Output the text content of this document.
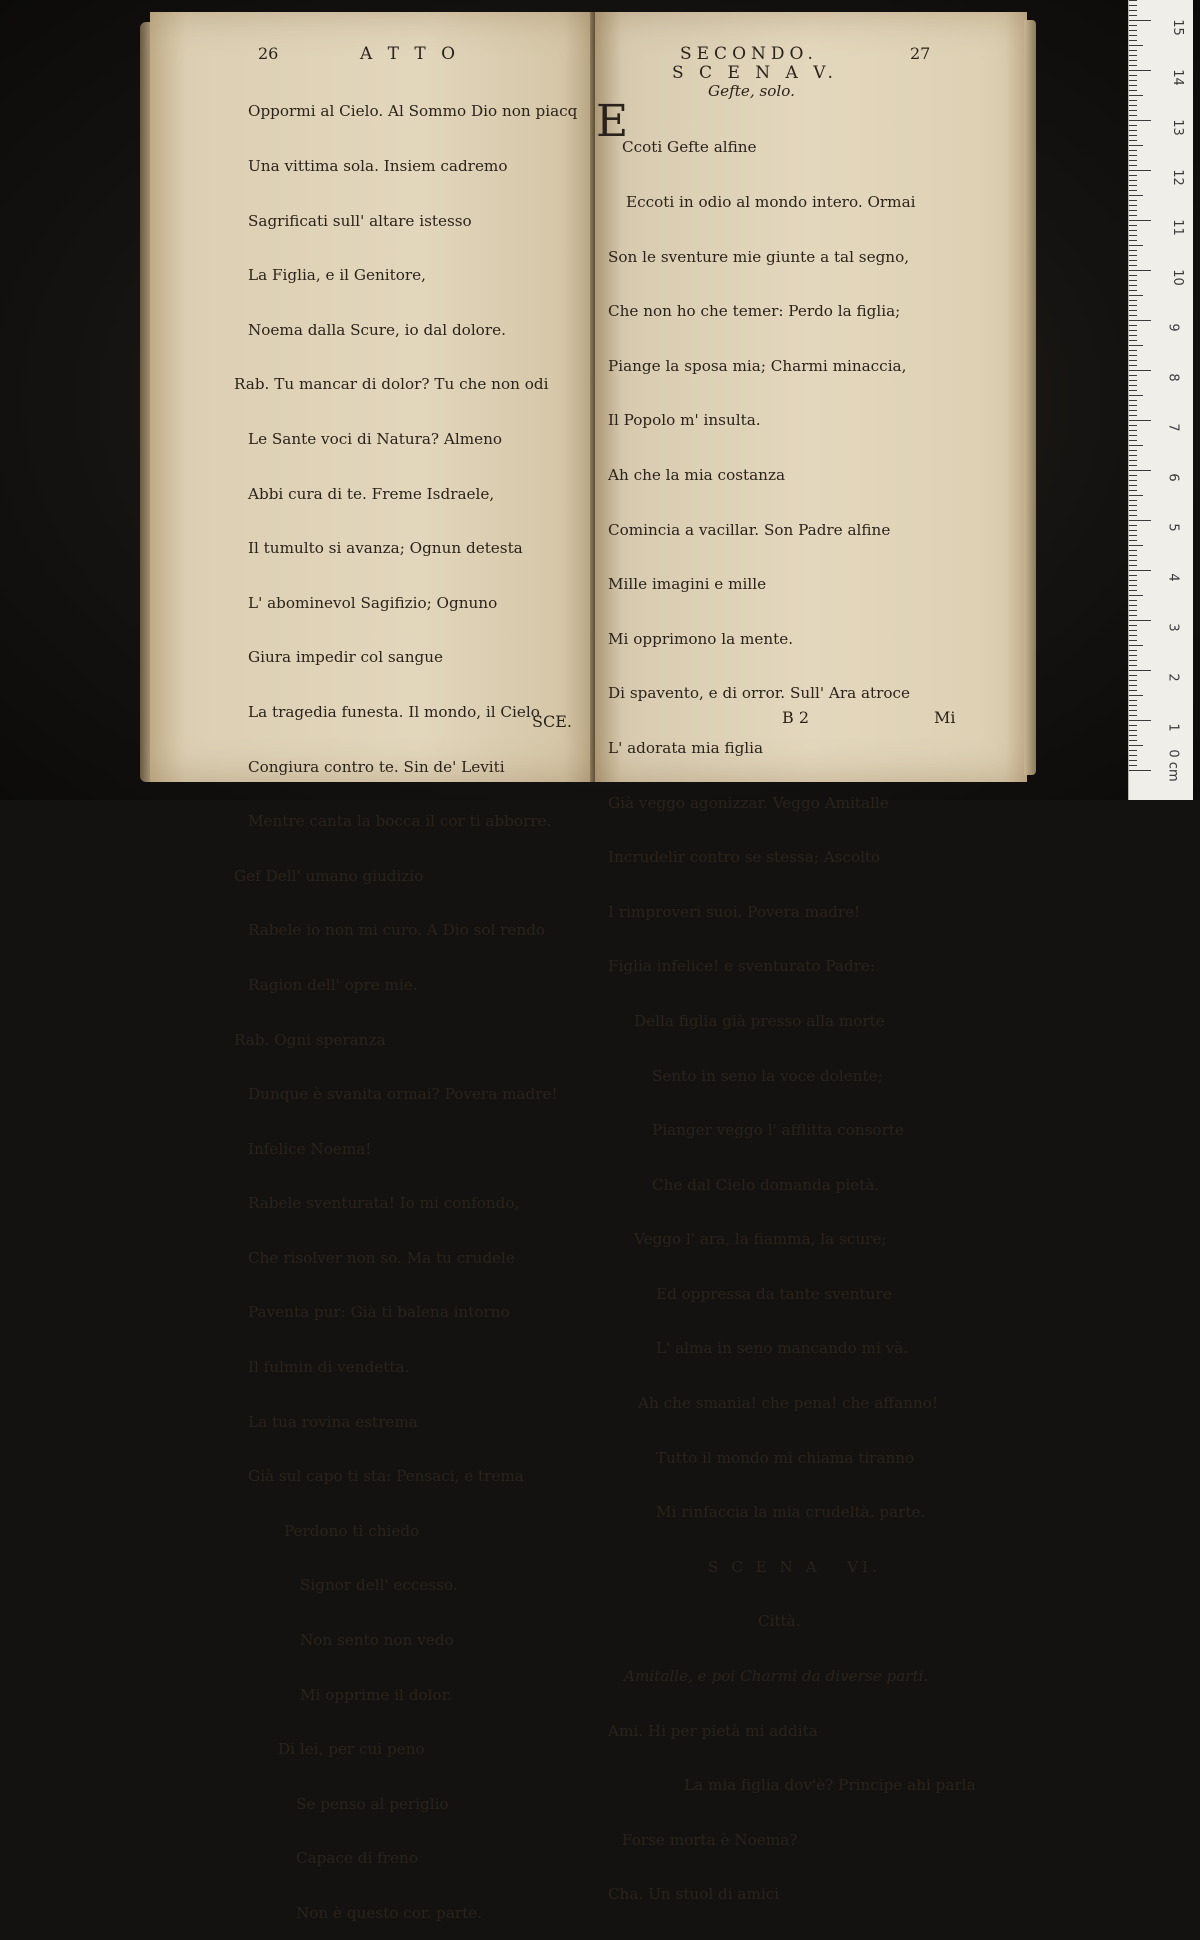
26	A T T O

Oppormi al Cielo. Al Sommo Dio non piacq

Una vittima sola. Insiem cadremo

Sagrificati sull' altare istesso

La Figlia, e il Genitore,

Noema dalla Scure, io dal dolore.

Rab. Tu mancar di dolor? Tu che non odi

Le Sante voci di Natura? Almeno

Abbi cura di te. Freme Isdraele,

Il tumulto si avanza; Ognun detesta

L' abominevol Sagifizio; Ognuno

Giura impedir col sangue

La tragedia funesta. Il mondo, il Cielo

Congiura contro te. Sin de' Leviti

Mentre canta la bocca il cor ti abborre.

Gef Dell' umano giudizio

Rabele io non mi curo. A Dio sol rendo

Ragion dell' opre mie.

Rab. Ogni speranza

Dunque è svanita ormai? Povera madre!

Infelice Noema!

Rabele sventurata! Io mi confondo,

Che risolver non so. Ma tu crudele

Paventa pur: Già ti balena intorno

Il fulmin di vendetta.

La tua rovina estrema

Già sul capo ti sta: Pensaci, e trema

Perdono ti chiedo

Signor dell' eccesso.

Non sento non vedo

Mi opprime il dolor.

Di lei, per cui peno

Se penso al periglio

Capace di freno

Non è questo cor. parte.

SCE.
SECONDO.	27
S C E N A V.
Gefte, solo.
E

Ccoti Gefte alfine

Eccoti in odio al mondo intero. Ormai

Son le sventure mie giunte a tal segno,

Che non ho che temer: Perdo la figlia;

Piange la sposa mia; Charmi minaccia,

Il Popolo m' insulta.

Ah che la mia costanza

Comincia a vacillar. Son Padre alfine

Mille imagini e mille

Mi opprimono la mente.

Di spavento, e di orror. Sull' Ara atroce

L' adorata mia figlia

Già veggo agonizzar. Veggo Amitalle

Incrudelir contro se stessa; Ascolto

I rimproveri suoi. Povera madre!

Figlia infelice! e sventurato Padre:

Della figlia già presso alla morte

Sento in seno la voce dolente;

Pianger veggo l' afflitta consorte

Che dal Cielo domanda pietà.

Veggo l' ara, la fiamma, la scure;

Ed oppressa da tante sventure

L' alma in seno mancando mi và.

Ah che smania! che pena! che affanno!

Tutto il mondo mi chiama tiranno

Mi rinfaccia la mia crudeltà. parte.

S C E N A   VI.

Città.

Amitalle, e poi Charmi da diverse parti.

Ami. Hi per pietà mi addita

La mia figlia dov'è? Principe ahi parla

Forse morta è Noema?

Cha. Un stuol di amici

B 2	Mi
0 cm
1
2
3
4
5
6
7
8
9
10
11
12
13
14
15
